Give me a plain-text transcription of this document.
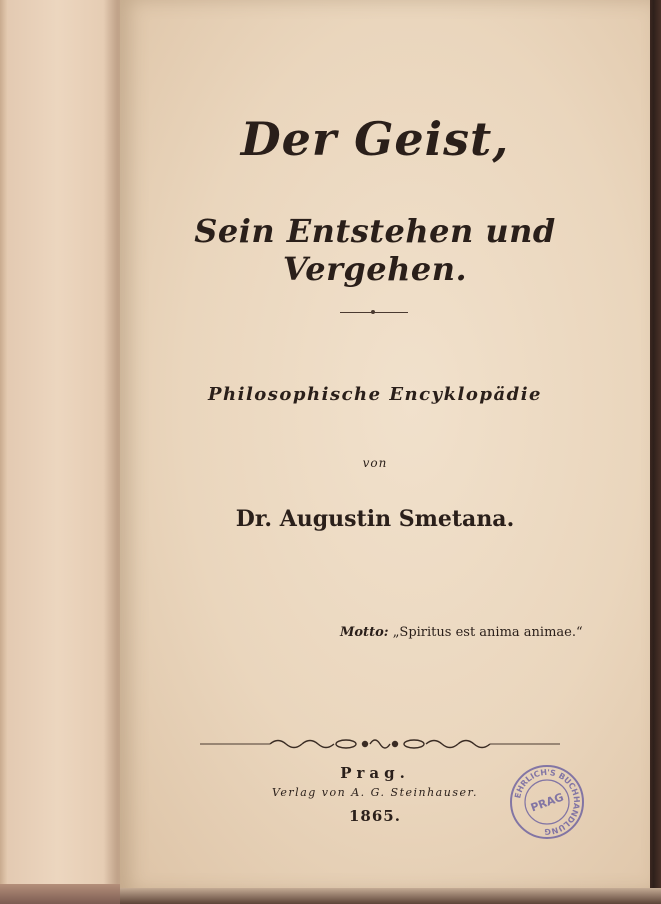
Der Geist,
Sein Entstehen und Vergehen.
Philosophische Encyklopädie
von
Dr. Augustin Smetana.
Motto: „Spiritus est anima animae.“
Prag.
Verlag von A. G. Steinhauser.
1865.
EHRLICH'S BUCHHANDLUNG
PRAG
